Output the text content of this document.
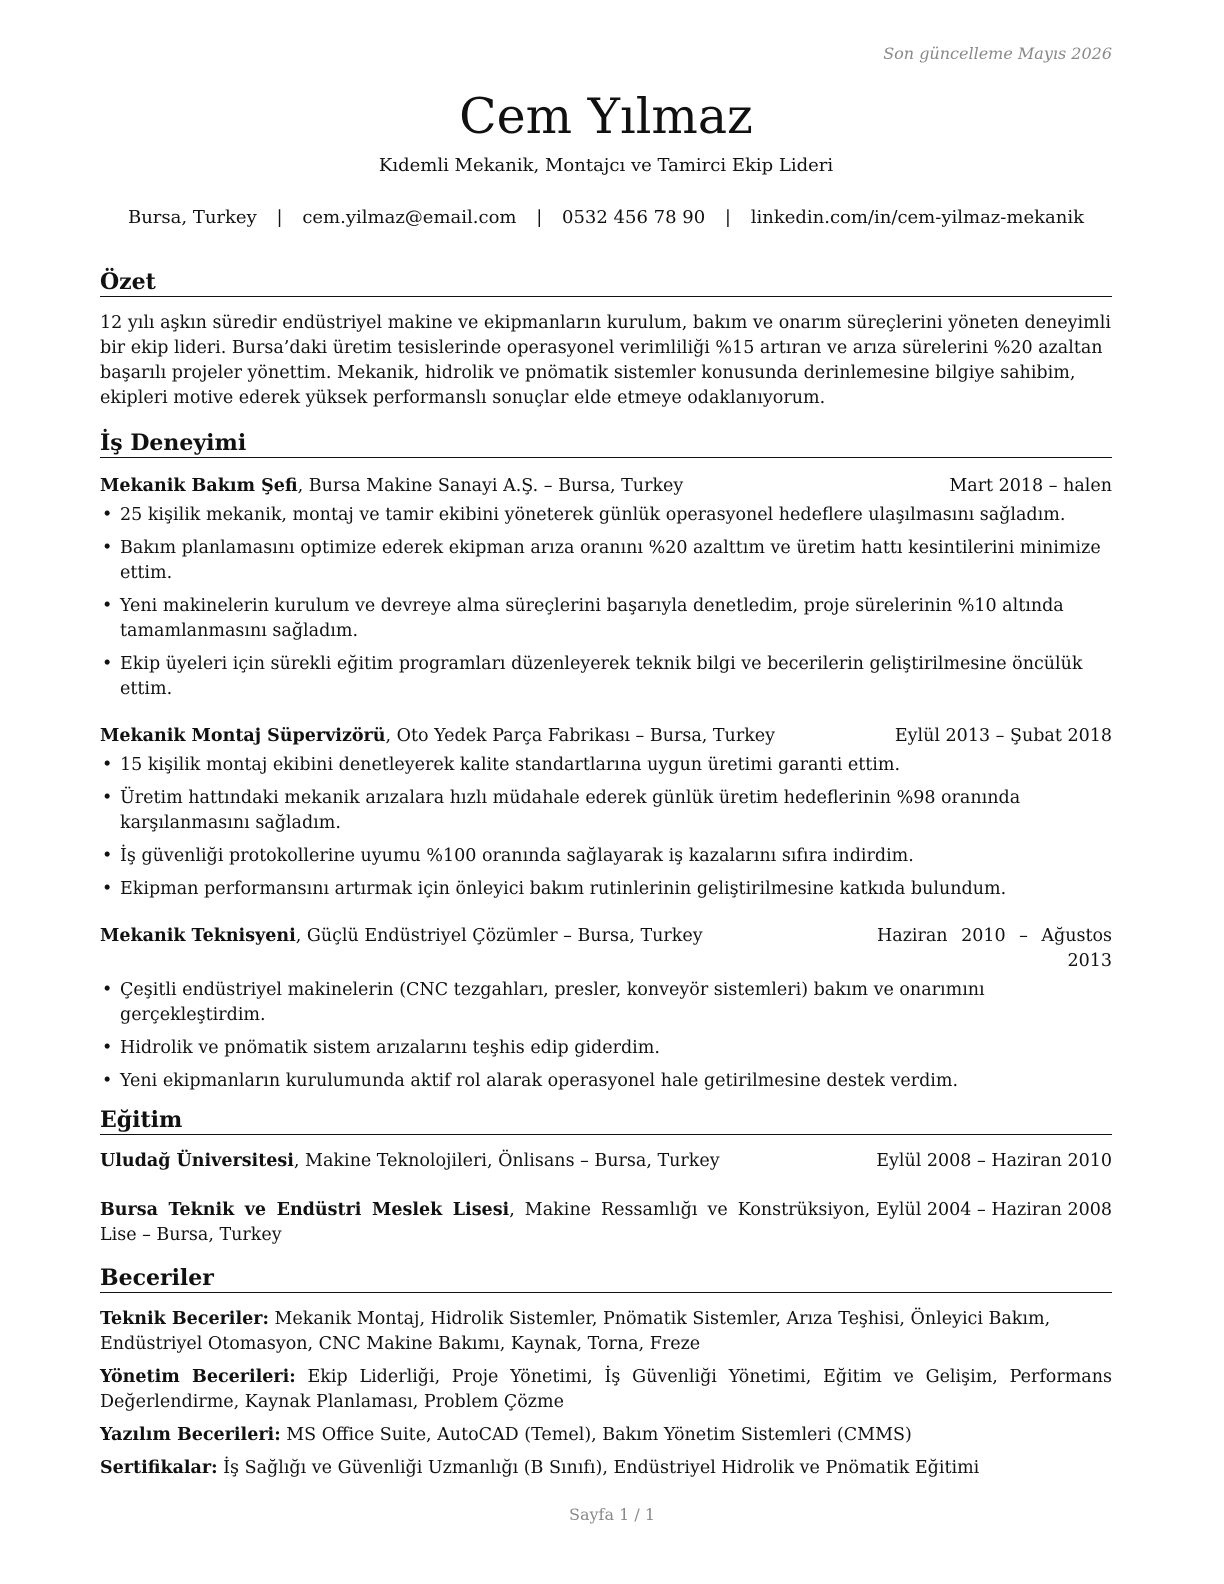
Son güncelleme Mayıs 2026
Cem Yılmaz
Kıdemli Mekanik, Montajcı ve Tamirci Ekip Lideri
Bursa, Turkey | cem.yilmaz@email.com | 0532 456 78 90 | linkedin.com/in/cem-yilmaz-mekanik
Özet
12 yılı aşkın süredir endüstriyel makine ve ekipmanların kurulum, bakım ve onarım süreçlerini yöneten deneyimli bir ekip lideri. Bursa’daki üretim tesislerinde operasyonel verimliliği %15 artıran ve arıza sürelerini %20 azaltan başarılı projeler yönettim. Mekanik, hidrolik ve pnömatik sistemler konusunda derinlemesine bilgiye sahibim, ekipleri motive ederek yüksek performanslı sonuçlar elde etmeye odaklanıyorum.
İş Deneyimi
Mekanik Bakım Şefi, Bursa Makine Sanayi A.Ş. – Bursa, Turkey	Mart 2018 – halen
• 25 kişilik mekanik, montaj ve tamir ekibini yöneterek günlük operasyonel hedeflere ulaşılmasını sağladım.
• Bakım planlamasını optimize ederek ekipman arıza oranını %20 azalttım ve üretim hattı kesintilerini minimize ettim.
• Yeni makinelerin kurulum ve devreye alma süreçlerini başarıyla denetledim, proje sürelerinin %10 altında tamamlanmasını sağladım.
• Ekip üyeleri için sürekli eğitim programları düzenleyerek teknik bilgi ve becerilerin geliştirilmesine öncülük ettim.
Mekanik Montaj Süpervizörü, Oto Yedek Parça Fabrikası – Bursa, Turkey	Eylül 2013 – Şubat 2018
• 15 kişilik montaj ekibini denetleyerek kalite standartlarına uygun üretimi garanti ettim.
• Üretim hattındaki mekanik arızalara hızlı müdahale ederek günlük üretim hedeflerinin %98 oranında karşılanmasını sağladım.
• İş güvenliği protokollerine uyumu %100 oranında sağlayarak iş kazalarını sıfıra indirdim.
• Ekipman performansını artırmak için önleyici bakım rutinlerinin geliştirilmesine katkıda bulundum.
Mekanik Teknisyeni, Güçlü Endüstriyel Çözümler – Bursa, Turkey	Haziran 2010 – Ağustos 2013
• Çeşitli endüstriyel makinelerin (CNC tezgahları, presler, konveyör sistemleri) bakım ve onarımını gerçekleştirdim.
• Hidrolik ve pnömatik sistem arızalarını teşhis edip giderdim.
• Yeni ekipmanların kurulumunda aktif rol alarak operasyonel hale getirilmesine destek verdim.
Eğitim
Uludağ Üniversitesi, Makine Teknolojileri, Önlisans – Bursa, Turkey	Eylül 2008 – Haziran 2010
Bursa Teknik ve Endüstri Meslek Lisesi, Makine Ressamlığı ve Konstrüksiyon, Lise – Bursa, Turkey
Eylül 2004 – Haziran 2008
Beceriler
Teknik Beceriler: Mekanik Montaj, Hidrolik Sistemler, Pnömatik Sistemler, Arıza Teşhisi, Önleyici Bakım, Endüstriyel Otomasyon, CNC Makine Bakımı, Kaynak, Torna, Freze
Yönetim Becerileri: Ekip Liderliği, Proje Yönetimi, İş Güvenliği Yönetimi, Eğitim ve Gelişim, Performans Değerlendirme, Kaynak Planlaması, Problem Çözme
Yazılım Becerileri: MS Office Suite, AutoCAD (Temel), Bakım Yönetim Sistemleri (CMMS)
Sertifikalar: İş Sağlığı ve Güvenliği Uzmanlığı (B Sınıfı), Endüstriyel Hidrolik ve Pnömatik Eğitimi
Sayfa 1 / 1
